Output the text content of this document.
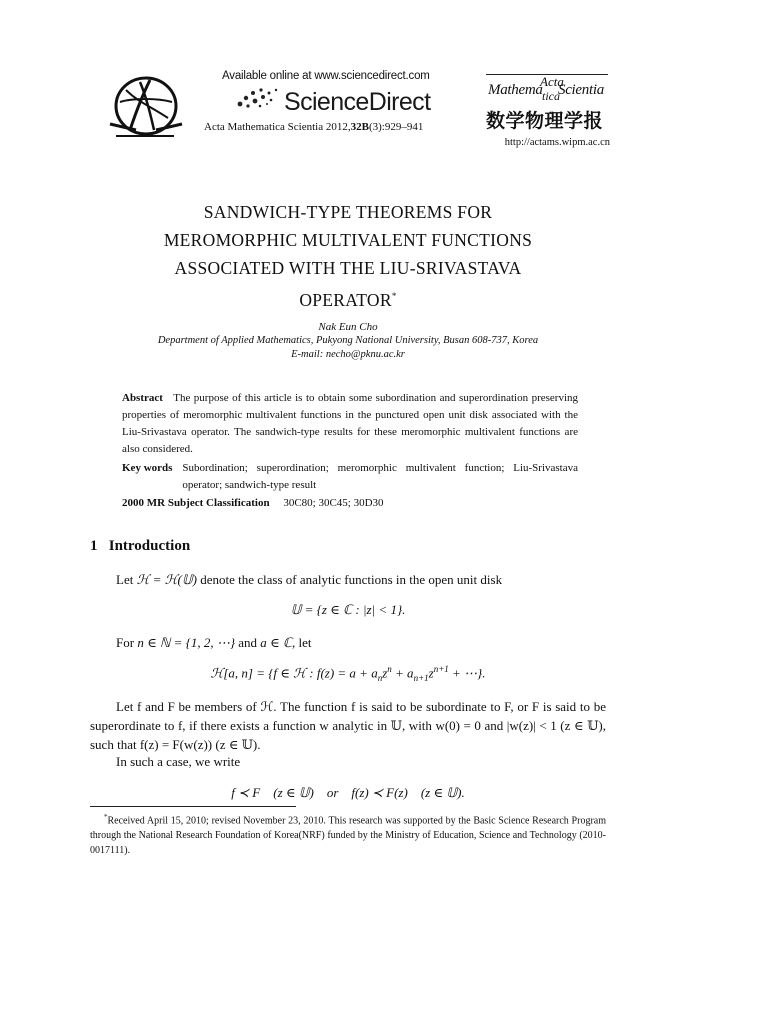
Available online at www.sciencedirect.com
ScienceDirect
Acta Mathematica Scientia 2012,32B(3):929–941
Mathema
Acta
tica
Scientia
数学物理学报
http://actams.wipm.ac.cn
SANDWICH-TYPE THEOREMS FOR
MEROMORPHIC MULTIVALENT FUNCTIONS
ASSOCIATED WITH THE LIU-SRIVASTAVA
OPERATOR*
Nak Eun Cho
Department of Applied Mathematics, Pukyong National University, Busan 608-737, Korea
E-mail: necho@pknu.ac.kr
Abstract The purpose of this article is to obtain some subordination and superordination preserving properties of meromorphic multivalent functions in the punctured open unit disk associated with the Liu-Srivastava operator. The sandwich-type results for these meromorphic multivalent functions are also considered.
Key words Subordination; superordination; meromorphic multivalent function; Liu-Srivastava operator; sandwich-type result
2000 MR Subject Classification 30C80; 30C45; 30D30
1 Introduction
Let ℋ = ℋ(𝕌) denote the class of analytic functions in the open unit disk
𝕌 = {z ∈ ℂ : |z| < 1}.
For n ∈ ℕ = {1, 2, ⋯} and a ∈ ℂ, let
ℋ[a, n] = {f ∈ ℋ : $f(z) = a + a_nz^n + a_{n+1}z^{n+1}$ + ⋯}.
Let f and F be members of ℋ. The function f is said to be subordinate to F, or F is said to be superordinate to f, if there exists a function w analytic in 𝕌, with w(0) = 0 and |w(z)| < 1 (z ∈ 𝕌), such that f(z) = F(w(z)) (z ∈ 𝕌).
In such a case, we write
f ≺ F    (z ∈ 𝕌)    or    f(z) ≺ F(z)    (z ∈ 𝕌).
*Received April 15, 2010; revised November 23, 2010. This research was supported by the Basic Science Research Program through the National Research Foundation of Korea(NRF) funded by the Ministry of Education, Science and Technology (2010-0017111).
